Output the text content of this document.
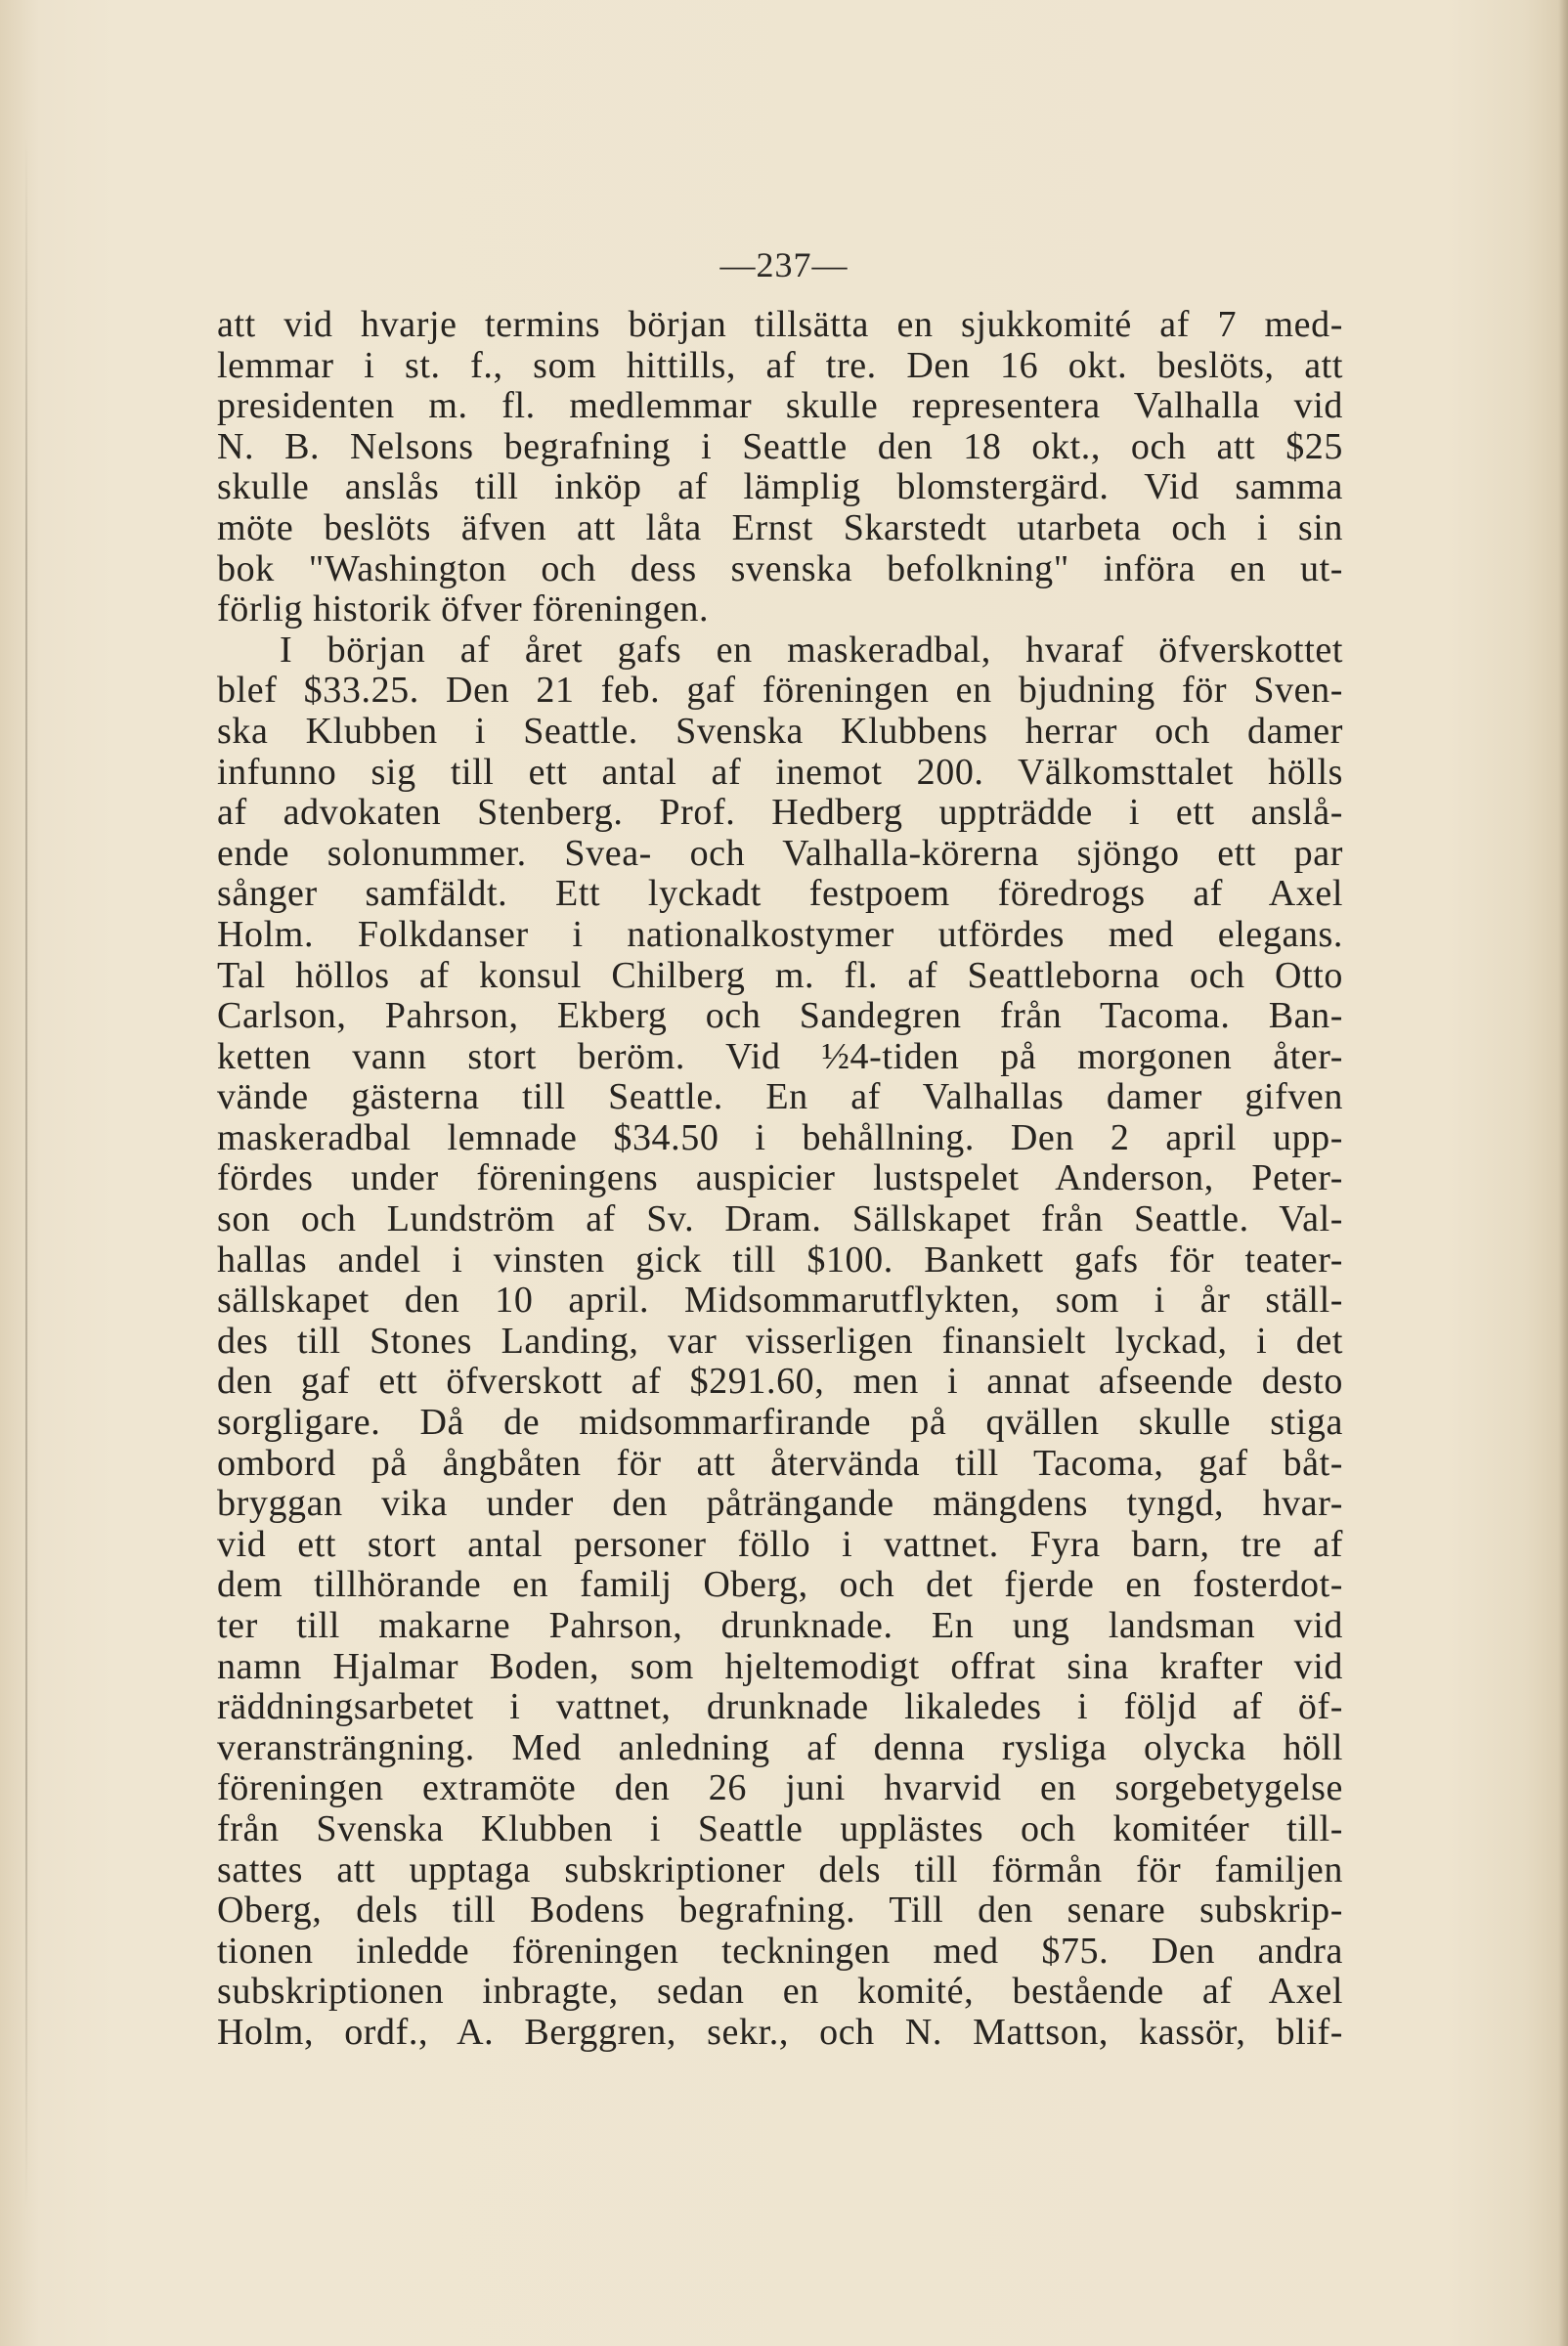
—237—
att vid hvarje termins början tillsätta en sjukkomité af 7 med-
lemmar i st. f., som hittills, af tre. Den 16 okt. beslöts, att
presidenten m. fl. medlemmar skulle representera Valhalla vid
N. B. Nelsons begrafning i Seattle den 18 okt., och att $25
skulle anslås till inköp af lämplig blomstergärd. Vid samma
möte beslöts äfven att låta Ernst Skarstedt utarbeta och i sin
bok "Washington och dess svenska befolkning" införa en ut-
förlig historik öfver föreningen.
I början af året gafs en maskeradbal, hvaraf öfverskottet
blef $33.25. Den 21 feb. gaf föreningen en bjudning för Sven-
ska Klubben i Seattle. Svenska Klubbens herrar och damer
infunno sig till ett antal af inemot 200. Välkomsttalet hölls
af advokaten Stenberg. Prof. Hedberg uppträdde i ett anslå-
ende solonummer. Svea- och Valhalla-körerna sjöngo ett par
sånger samfäldt. Ett lyckadt festpoem föredrogs af Axel
Holm. Folkdanser i nationalkostymer utfördes med elegans.
Tal höllos af konsul Chilberg m. fl. af Seattleborna och Otto
Carlson, Pahrson, Ekberg och Sandegren från Tacoma. Ban-
ketten vann stort beröm. Vid ½4-tiden på morgonen åter-
vände gästerna till Seattle. En af Valhallas damer gifven
maskeradbal lemnade $34.50 i behållning. Den 2 april upp-
fördes under föreningens auspicier lustspelet Anderson, Peter-
son och Lundström af Sv. Dram. Sällskapet från Seattle. Val-
hallas andel i vinsten gick till $100. Bankett gafs för teater-
sällskapet den 10 april. Midsommarutflykten, som i år ställ-
des till Stones Landing, var visserligen finansielt lyckad, i det
den gaf ett öfverskott af $291.60, men i annat afseende desto
sorgligare. Då de midsommarfirande på qvällen skulle stiga
ombord på ångbåten för att återvända till Tacoma, gaf båt-
bryggan vika under den påträngande mängdens tyngd, hvar-
vid ett stort antal personer föllo i vattnet. Fyra barn, tre af
dem tillhörande en familj Oberg, och det fjerde en fosterdot-
ter till makarne Pahrson, drunknade. En ung landsman vid
namn Hjalmar Boden, som hjeltemodigt offrat sina krafter vid
räddningsarbetet i vattnet, drunknade likaledes i följd af öf-
veransträngning. Med anledning af denna rysliga olycka höll
föreningen extramöte den 26 juni hvarvid en sorgebetygelse
från Svenska Klubben i Seattle upplästes och komitéer till-
sattes att upptaga subskriptioner dels till förmån för familjen
Oberg, dels till Bodens begrafning. Till den senare subskrip-
tionen inledde föreningen teckningen med $75. Den andra
subskriptionen inbragte, sedan en komité, bestående af Axel
Holm, ordf., A. Berggren, sekr., och N. Mattson, kassör, blif-
